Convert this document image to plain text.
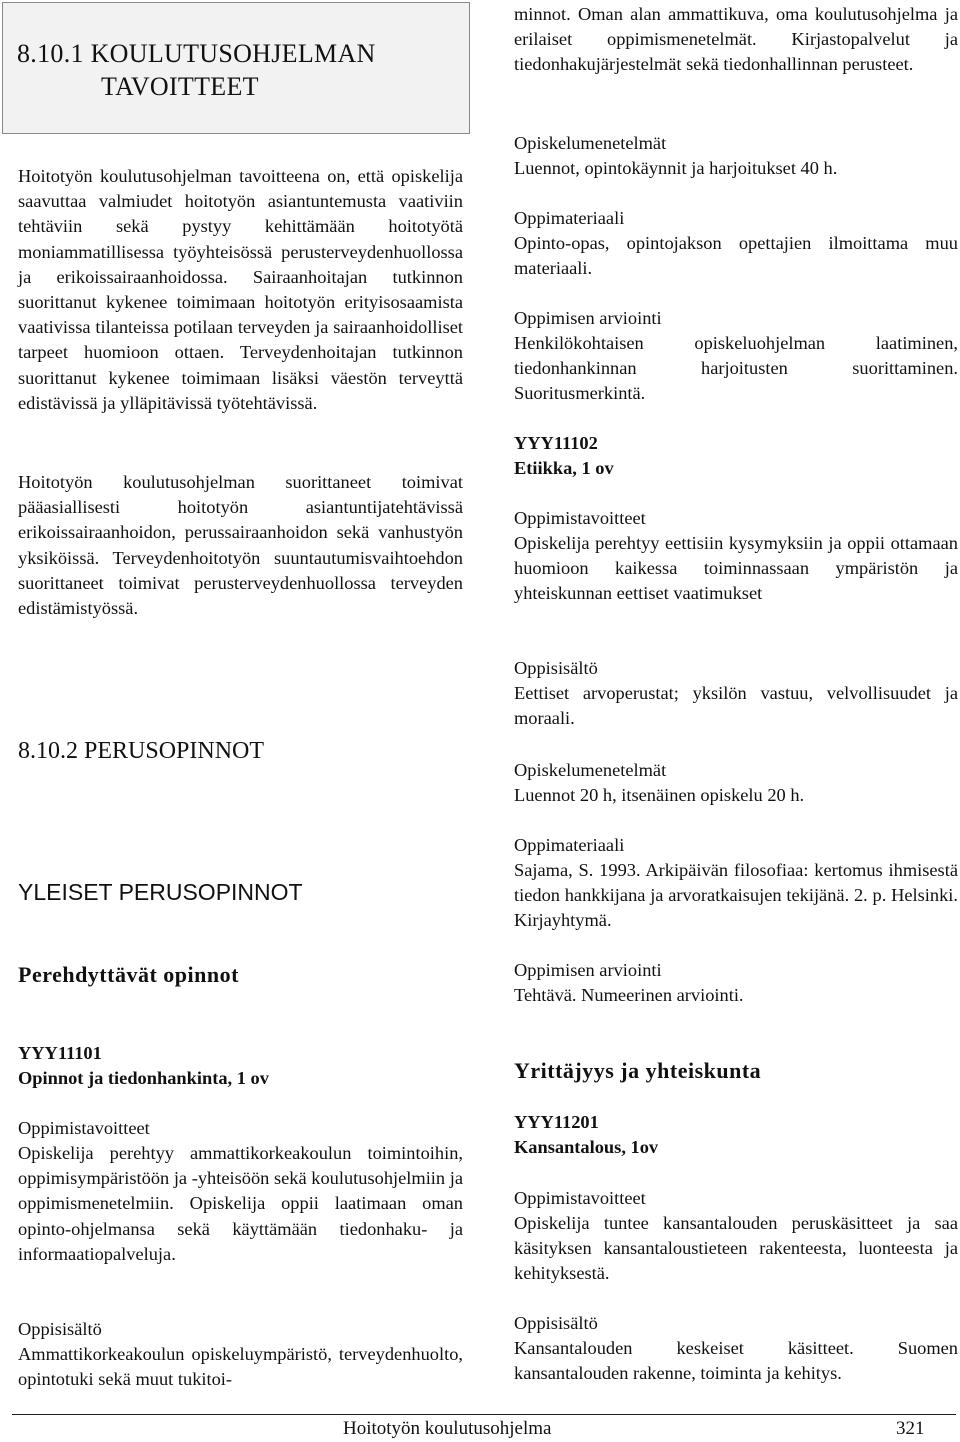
8.10.1 KOULUTUSOHJELMAN
TAVOITTEET

Hoitotyön koulutusohjelman tavoitteena on, että opiskelija saavuttaa valmiudet hoitotyön asiantuntemusta vaativiin tehtäviin sekä pystyy kehittämään hoitotyötä moniammatillisessa työyhteisössä perusterveydenhuollossa ja erikoissairaanhoidossa. Sairaanhoitajan tutkinnon suorittanut kykenee toimimaan hoitotyön erityisosaamista vaativissa tilanteissa potilaan terveyden ja sairaanhoidolliset tarpeet huomioon ottaen. Terveydenhoitajan tutkinnon suorittanut kykenee toimimaan lisäksi väestön terveyttä edistävissä ja ylläpitävissä työtehtävissä.

Hoitotyön koulutusohjelman suorittaneet toimivat pääasiallisesti hoitotyön asiantuntijatehtävissä erikoissairaanhoidon, perussairaanhoidon sekä vanhustyön yksiköissä. Terveydenhoitotyön suuntautumisvaihtoehdon suorittaneet toimivat perusterveydenhuollossa terveyden edistämistyössä.

8.10.2 PERUSOPINNOT
YLEISET PERUSOPINNOT
Perehdyttävät opinnot
YYY11101
Opinnot ja tiedonhankinta, 1 ov
Oppimistavoitteet

Opiskelija perehtyy ammattikorkeakoulun toimintoihin, oppimisympäristöön ja -yhteisöön sekä koulutusohjelmiin ja oppimismenetelmiin. Opiskelija oppii laatimaan oman opinto-ohjelmansa sekä käyttämään tiedonhaku- ja informaatiopalveluja.

Oppisisältö

Ammattikorkeakoulun opiskeluympäristö, terveydenhuolto, opintotuki sekä muut tukitoi-

minnot. Oman alan ammattikuva, oma koulutusohjelma ja erilaiset oppimismenetelmät. Kirjastopalvelut ja tiedonhakujärjestelmät sekä tiedonhallinnan perusteet.

Opiskelumenetelmät
Luennot, opintokäynnit ja harjoitukset 40 h.
Oppimateriaali

Opinto-opas, opintojakson opettajien ilmoittama muu materiaali.

Oppimisen arviointi

Henkilökohtaisen opiskeluohjelman laatiminen, tiedonhankinnan harjoitusten suorittaminen. Suoritusmerkintä.

YYY11102
Etiikka, 1 ov
Oppimistavoitteet

Opiskelija perehtyy eettisiin kysymyksiin ja oppii ottamaan huomioon kaikessa toiminnassaan ympäristön ja yhteiskunnan eettiset vaatimukset

Oppisisältö

Eettiset arvoperustat; yksilön vastuu, velvollisuudet ja moraali.

Opiskelumenetelmät
Luennot 20 h, itsenäinen opiskelu 20 h.
Oppimateriaali

Sajama, S. 1993. Arkipäivän filosofiaa: kertomus ihmisestä tiedon hankkijana ja arvoratkaisujen tekijänä. 2. p. Helsinki. Kirjayhtymä.

Oppimisen arviointi
Tehtävä. Numeerinen arviointi.
Yrittäjyys ja yhteiskunta
YYY11201
Kansantalous, 1ov
Oppimistavoitteet

Opiskelija tuntee kansantalouden peruskäsitteet ja saa käsityksen kansantaloustieteen rakenteesta, luonteesta ja kehityksestä.

Oppisisältö

Kansantalouden keskeiset käsitteet. Suomen kansantalouden rakenne, toiminta ja kehitys.

Hoitotyön koulutusohjelma	321
